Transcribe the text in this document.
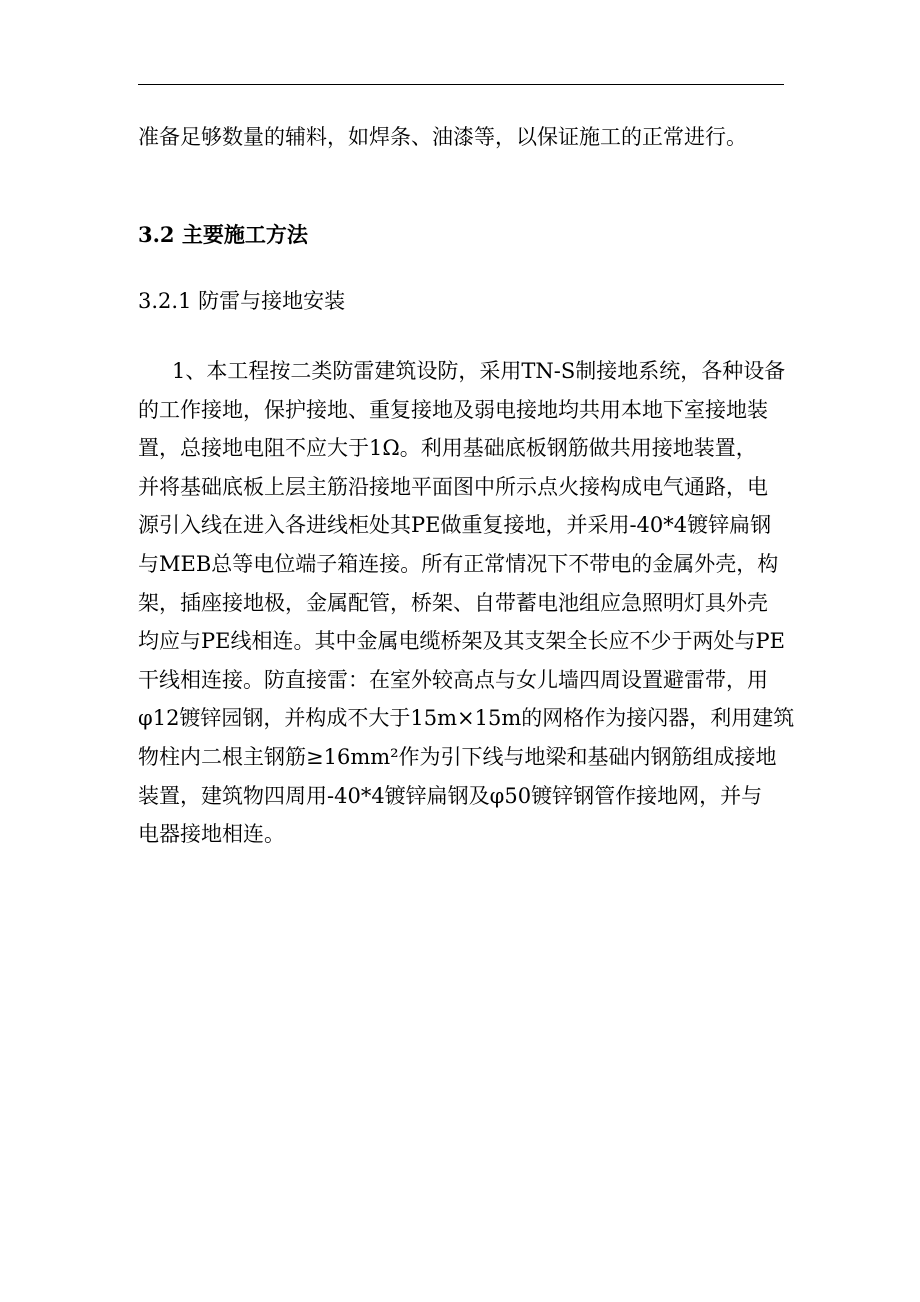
准备足够数量的辅料，如焊条、油漆等，以保证施工的正常进行。
3.2 主要施工方法
3.2.1 防雷与接地安装
1、本工程按二类防雷建筑设防，采用TN-S制接地系统，各种设备
的工作接地，保护接地、重复接地及弱电接地均共用本地下室接地装
置，总接地电阻不应大于1Ω。利用基础底板钢筋做共用接地装置，
并将基础底板上层主筋沿接地平面图中所示点火接构成电气通路，电
源引入线在进入各进线柜处其PE做重复接地，并采用-40*4镀锌扁钢
与MEB总等电位端子箱连接。所有正常情况下不带电的金属外壳，构
架，插座接地极，金属配管，桥架、自带蓄电池组应急照明灯具外壳
均应与PE线相连。其中金属电缆桥架及其支架全长应不少于两处与PE
干线相连接。防直接雷：在室外较高点与女儿墙四周设置避雷带，用
φ12镀锌园钢，并构成不大于15m×15m的网格作为接闪器，利用建筑
物柱内二根主钢筋≥16mm²作为引下线与地梁和基础内钢筋组成接地
装置，建筑物四周用-40*4镀锌扁钢及φ50镀锌钢管作接地网，并与
电器接地相连。
